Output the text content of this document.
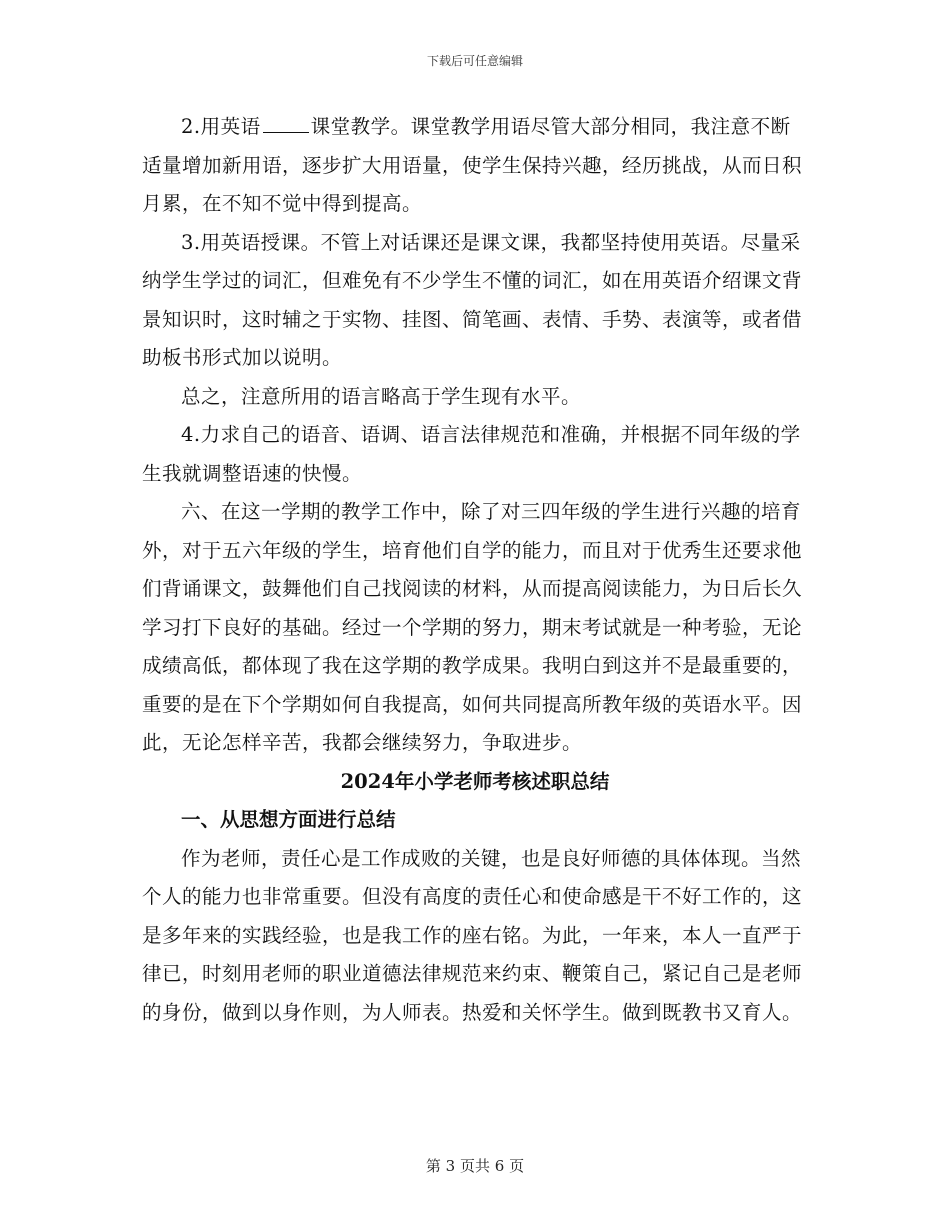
下载后可任意编辑

2.用英语	课堂教学。课堂教学用语尽管大部分相同，我注意不断适量增加新用语，逐步扩大用语量，使学生保持兴趣，经历挑战，从而日积月累，在不知不觉中得到提高。

3.用英语授课。不管上对话课还是课文课，我都坚持使用英语。尽量采纳学生学过的词汇，但难免有不少学生不懂的词汇，如在用英语介绍课文背景知识时，这时辅之于实物、挂图、简笔画、表情、手势、表演等，或者借助板书形式加以说明。

总之，注意所用的语言略高于学生现有水平。

4.力求自己的语音、语调、语言法律规范和准确，并根据不同年级的学生我就调整语速的快慢。

六、在这一学期的教学工作中，除了对三四年级的学生进行兴趣的培育外，对于五六年级的学生，培育他们自学的能力，而且对于优秀生还要求他们背诵课文，鼓舞他们自己找阅读的材料，从而提高阅读能力，为日后长久学习打下良好的基础。经过一个学期的努力，期末考试就是一种考验，无论成绩高低，都体现了我在这学期的教学成果。我明白到这并不是最重要的，重要的是在下个学期如何自我提高，如何共同提高所教年级的英语水平。因此，无论怎样辛苦，我都会继续努力，争取进步。

2024年小学老师考核述职总结

一、从思想方面进行总结

作为老师，责任心是工作成败的关键，也是良好师德的具体体现。当然个人的能力也非常重要。但没有高度的责任心和使命感是干不好工作的，这是多年来的实践经验，也是我工作的座右铭。为此，一年来，本人一直严于律已，时刻用老师的职业道德法律规范来约束、鞭策自己，紧记自己是老师的身份，做到以身作则，为人师表。热爱和关怀学生。做到既教书又育人。

第 3 页共 6 页
